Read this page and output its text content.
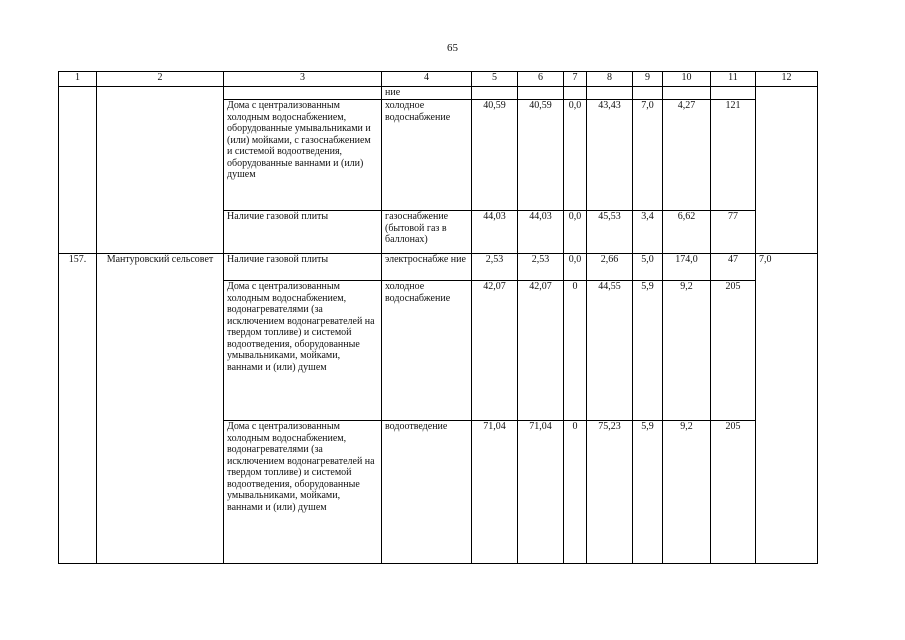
65
1	2	3	4	5	6	7	8	9	10	11	12
			ние								
		Дома с централизованным холодным водоснабжением, оборудованные умывальниками и (или) мойками, с газоснабжением и системой водоотведения, оборудованные ваннами и (или) душем	холодное водоснабжение	40,59	40,59	0,0	43,43	7,0	4,27	121	
		Наличие газовой плиты	газоснабжение (бытовой газ в баллонах)	44,03	44,03	0,0	45,53	3,4	6,62	77	
157.	Мантуровский сельсовет	Наличие газовой плиты	электроснабже ние	2,53	2,53	0,0	2,66	5,0	174,0	47	7,0
		Дома с централизованным холодным водоснабжением, водонагревателями (за исключением водонагревателей на твердом топливе) и системой водоотведения, оборудованные умывальниками, мойками, ваннами и (или) душем	холодное водоснабжение	42,07	42,07	0	44,55	5,9	9,2	205	
		Дома с централизованным холодным водоснабжением, водонагревателями (за исключением водонагревателей на твердом топливе) и системой водоотведения, оборудованные умывальниками, мойками, ваннами и (или) душем	водоотведение	71,04	71,04	0	75,23	5,9	9,2	205	
